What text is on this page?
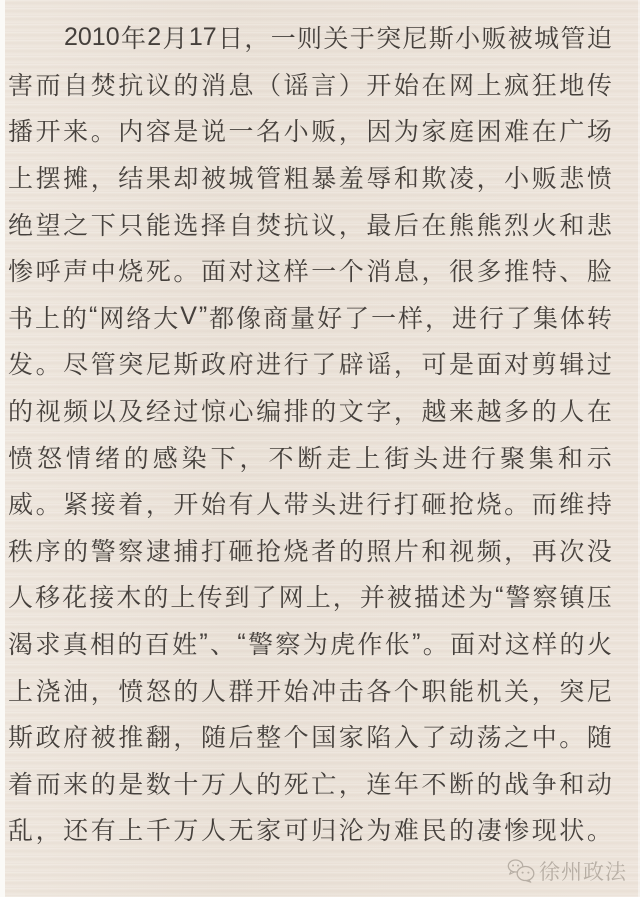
2010 年 2 月 17 日 ， 一 则 关 于 突 尼 斯 小 贩 被 城 管 迫
害 而 自 焚 抗 议 的 消 息 （ 谣 言 ） 开 始 在 网 上 疯 狂 地 传
播 开 来 。 内 容 是 说 一 名 小 贩 ， 因 为 家 庭 困 难 在 广 场
上 摆 摊 ， 结 果 却 被 城 管 粗 暴 羞 辱 和 欺 凌 ， 小 贩 悲 愤
绝 望 之 下 只 能 选 择 自 焚 抗 议 ， 最 后 在 熊 熊 烈 火 和 悲
惨 呼 声 中 烧 死 。 面 对 这 样 一 个 消 息 ， 很 多 推 特 、 脸
书 上 的 “ 网 络 大 V ” 都 像 商 量 好 了 一 样 ， 进 行 了 集 体 转
发 。 尽 管 突 尼 斯 政 府 进 行 了 辟 谣 ， 可 是 面 对 剪 辑 过
的 视 频 以 及 经 过 惊 心 编 排 的 文 字 ， 越 来 越 多 的 人 在
愤 怒 情 绪 的 感 染 下 ， 不 断 走 上 街 头 进 行 聚 集 和 示
威 。 紧 接 着 ， 开 始 有 人 带 头 进 行 打 砸 抢 烧 。 而 维 持
秩 序 的 警 察 逮 捕 打 砸 抢 烧 者 的 照 片 和 视 频 ， 再 次 没
人 移 花 接 木 的 上 传 到 了 网 上 ， 并 被 描 述 为 “ 警 察 镇 压
渴 求 真 相 的 百 姓 ” 、 “ 警 察 为 虎 作 伥 ” 。 面 对 这 样 的 火
上 浇 油 ， 愤 怒 的 人 群 开 始 冲 击 各 个 职 能 机 关 ， 突 尼
斯 政 府 被 推 翻 ， 随 后 整 个 国 家 陷 入 了 动 荡 之 中 。 随
着 而 来 的 是 数 十 万 人 的 死 亡 ， 连 年 不 断 的 战 争 和 动
乱 ， 还 有 上 千 万 人 无 家 可 归 沦 为 难 民 的 凄 惨 现 状 。
徐州政法
